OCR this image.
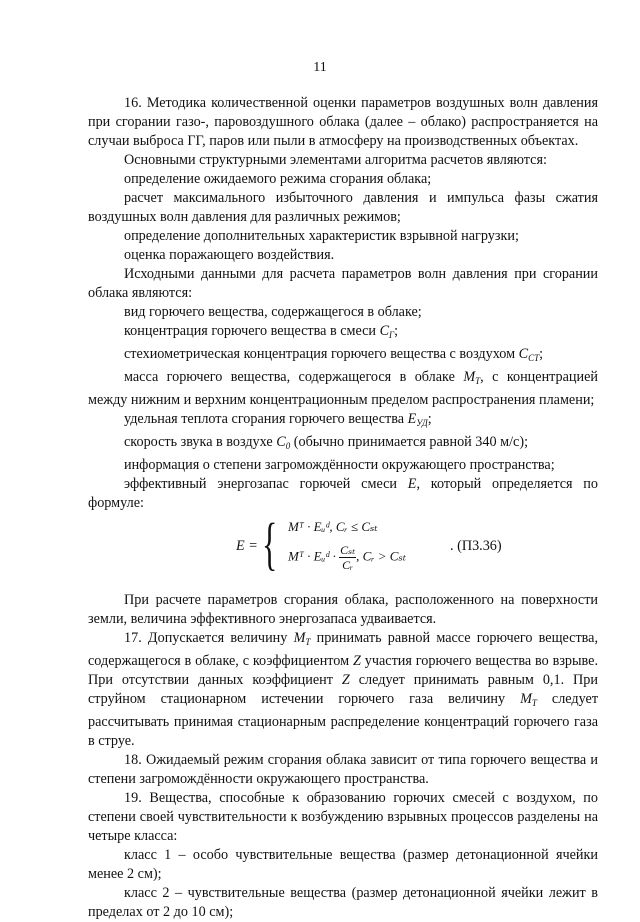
11

16. Методика количественной оценки параметров воздушных волн давления при сгорании газо-, паровоздушного облака (далее – облако) распространяется на случаи выброса ГГ, паров или пыли в атмосферу на производственных объектах.

Основными структурными элементами алгоритма расчетов являются:

определение ожидаемого режима сгорания облака;

расчет максимального избыточного давления и импульса фазы сжатия воздушных волн давления для различных режимов;

определение дополнительных характеристик взрывной нагрузки;

оценка поражающего воздействия.

Исходными данными для расчета параметров волн давления при сгорании облака являются:

вид горючего вещества, содержащегося в облаке;

концентрация горючего вещества в смеси $C_Г$;

стехиометрическая концентрация горючего вещества с воздухом $C_{СТ}$;

масса горючего вещества, содержащегося в облаке $M_Т$, с концентрацией между нижним и верхним концентрационным пределом распространения пламени;

удельная теплота сгорания горючего вещества $E_{УД}$;

скорость звука в воздухе $C_0$ (обычно принимается равной 340 м/с);

информация о степени загромождённости окружающего пространства;

эффективный энергозапас горючей смеси E, который определяется по формуле:

E = { Mᵀ · Eᵤᵈ, Cᵣ ≤ Cₛₜ
Mᵀ · Eᵤᵈ · $\frac{\text{Cₛₜ}}{\text{Cᵣ}}$ , Cᵣ > Cₛₜ
. (П3.36)

При расчете параметров сгорания облака, расположенного на поверхности земли, величина эффективного энергозапаса удваивается.

17. Допускается величину $M_Т$ принимать равной массе горючего вещества, содержащегося в облаке, с коэффициентом Z участия горючего вещества во взрыве. При отсутствии данных коэффициент Z следует принимать равным 0,1. При струйном стационарном истечении горючего газа величину $M_Т$ следует рассчитывать принимая стационарным распределение концентраций горючего газа в струе.

18. Ожидаемый режим сгорания облака зависит от типа горючего вещества и степени загромождённости окружающего пространства.

19. Вещества, способные к образованию горючих смесей с воздухом, по степени своей чувствительности к возбуждению взрывных процессов разделены на четыре класса:

класс 1 – особо чувствительные вещества (размер детонационной ячейки менее 2 см);

класс 2 – чувствительные вещества (размер детонационной ячейки лежит в пределах от 2 до 10 см);
